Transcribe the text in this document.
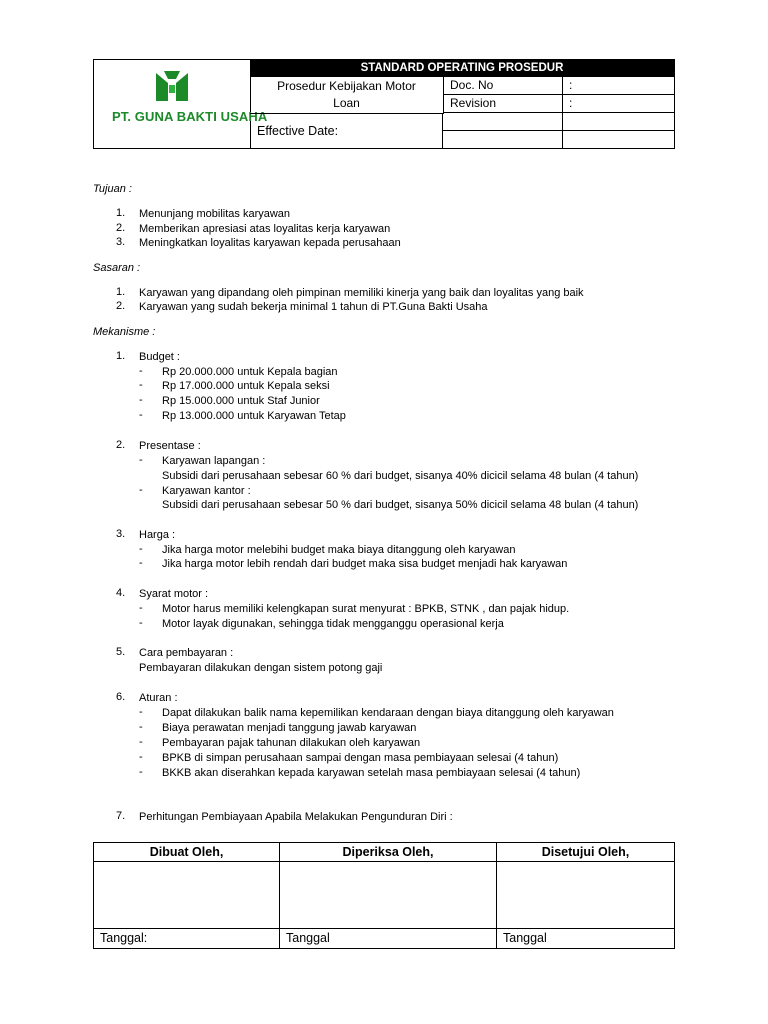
PT. GUNA BAKTI USAHA
STANDARD OPERATING PROSEDUR
Prosedur Kebijakan Motor
Loan
Effective Date:
Doc. No	:
Revision	:
Tujuan :
1. Menunjang mobilitas karyawan
2. Memberikan apresiasi atas loyalitas kerja karyawan
3. Meningkatkan loyalitas karyawan kepada perusahaan
Sasaran :
1. Karyawan yang dipandang oleh pimpinan memiliki kinerja yang baik dan loyalitas yang baik
2. Karyawan yang sudah bekerja minimal 1 tahun di PT.Guna Bakti Usaha
Mekanisme :
1. Budget :
- Rp 20.000.000 untuk Kepala bagian
- Rp 17.000.000 untuk Kepala seksi
- Rp 15.000.000 untuk Staf Junior
- Rp 13.000.000 untuk Karyawan Tetap
2. Presentase :
- Karyawan lapangan :
Subsidi dari perusahaan sebesar 60 % dari budget, sisanya 40% dicicil selama 48 bulan (4 tahun)
- Karyawan kantor :
Subsidi dari perusahaan sebesar 50 % dari budget, sisanya 50% dicicil selama 48 bulan (4 tahun)
3. Harga :
- Jika harga motor melebihi budget maka biaya ditanggung oleh karyawan
- Jika harga motor lebih rendah dari budget maka sisa budget menjadi hak karyawan
4. Syarat motor :
- Motor harus memiliki kelengkapan surat menyurat : BPKB, STNK , dan pajak hidup.
- Motor layak digunakan, sehingga tidak mengganggu operasional kerja
5. Cara pembayaran :
Pembayaran dilakukan dengan sistem potong gaji
6. Aturan :
- Dapat dilakukan balik nama kepemilikan kendaraan dengan biaya ditanggung oleh karyawan
- Biaya perawatan menjadi tanggung jawab karyawan
- Pembayaran pajak tahunan dilakukan oleh karyawan
- BPKB di simpan perusahaan sampai dengan masa pembiayaan selesai (4 tahun)
- BKKB akan diserahkan kepada karyawan setelah masa pembiayaan selesai (4 tahun)
7. Perhitungan Pembiayaan Apabila Melakukan Pengunduran Diri :
Dibuat Oleh,
Tanggal:
Diperiksa Oleh,
Tanggal
Disetujui Oleh,
Tanggal
